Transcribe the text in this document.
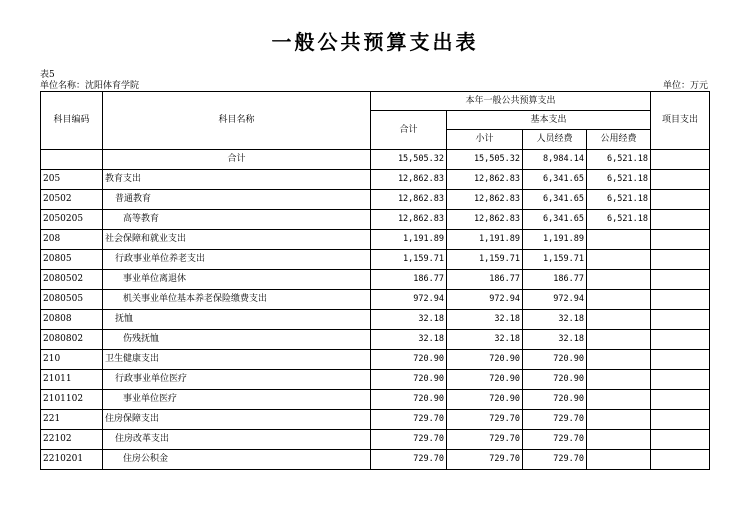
一般公共预算支出表
表5
单位名称：沈阳体育学院	单位：万元
科目编码	科目名称	本年一般公共预算支出				项目支出
		合计	基本支出			
			小计	人员经费	公用经费	
	合计	15,505.32	15,505.32	8,984.14	6,521.18	
205	教育支出	12,862.83	12,862.83	6,341.65	6,521.18	
20502	普通教育	12,862.83	12,862.83	6,341.65	6,521.18	
2050205	高等教育	12,862.83	12,862.83	6,341.65	6,521.18	
208	社会保障和就业支出	1,191.89	1,191.89	1,191.89		
20805	行政事业单位养老支出	1,159.71	1,159.71	1,159.71		
2080502	事业单位离退休	186.77	186.77	186.77		
2080505	机关事业单位基本养老保险缴费支出	972.94	972.94	972.94		
20808	抚恤	32.18	32.18	32.18		
2080802	伤残抚恤	32.18	32.18	32.18		
210	卫生健康支出	720.90	720.90	720.90		
21011	行政事业单位医疗	720.90	720.90	720.90		
2101102	事业单位医疗	720.90	720.90	720.90		
221	住房保障支出	729.70	729.70	729.70		
22102	住房改革支出	729.70	729.70	729.70		
2210201	住房公积金	729.70	729.70	729.70		
